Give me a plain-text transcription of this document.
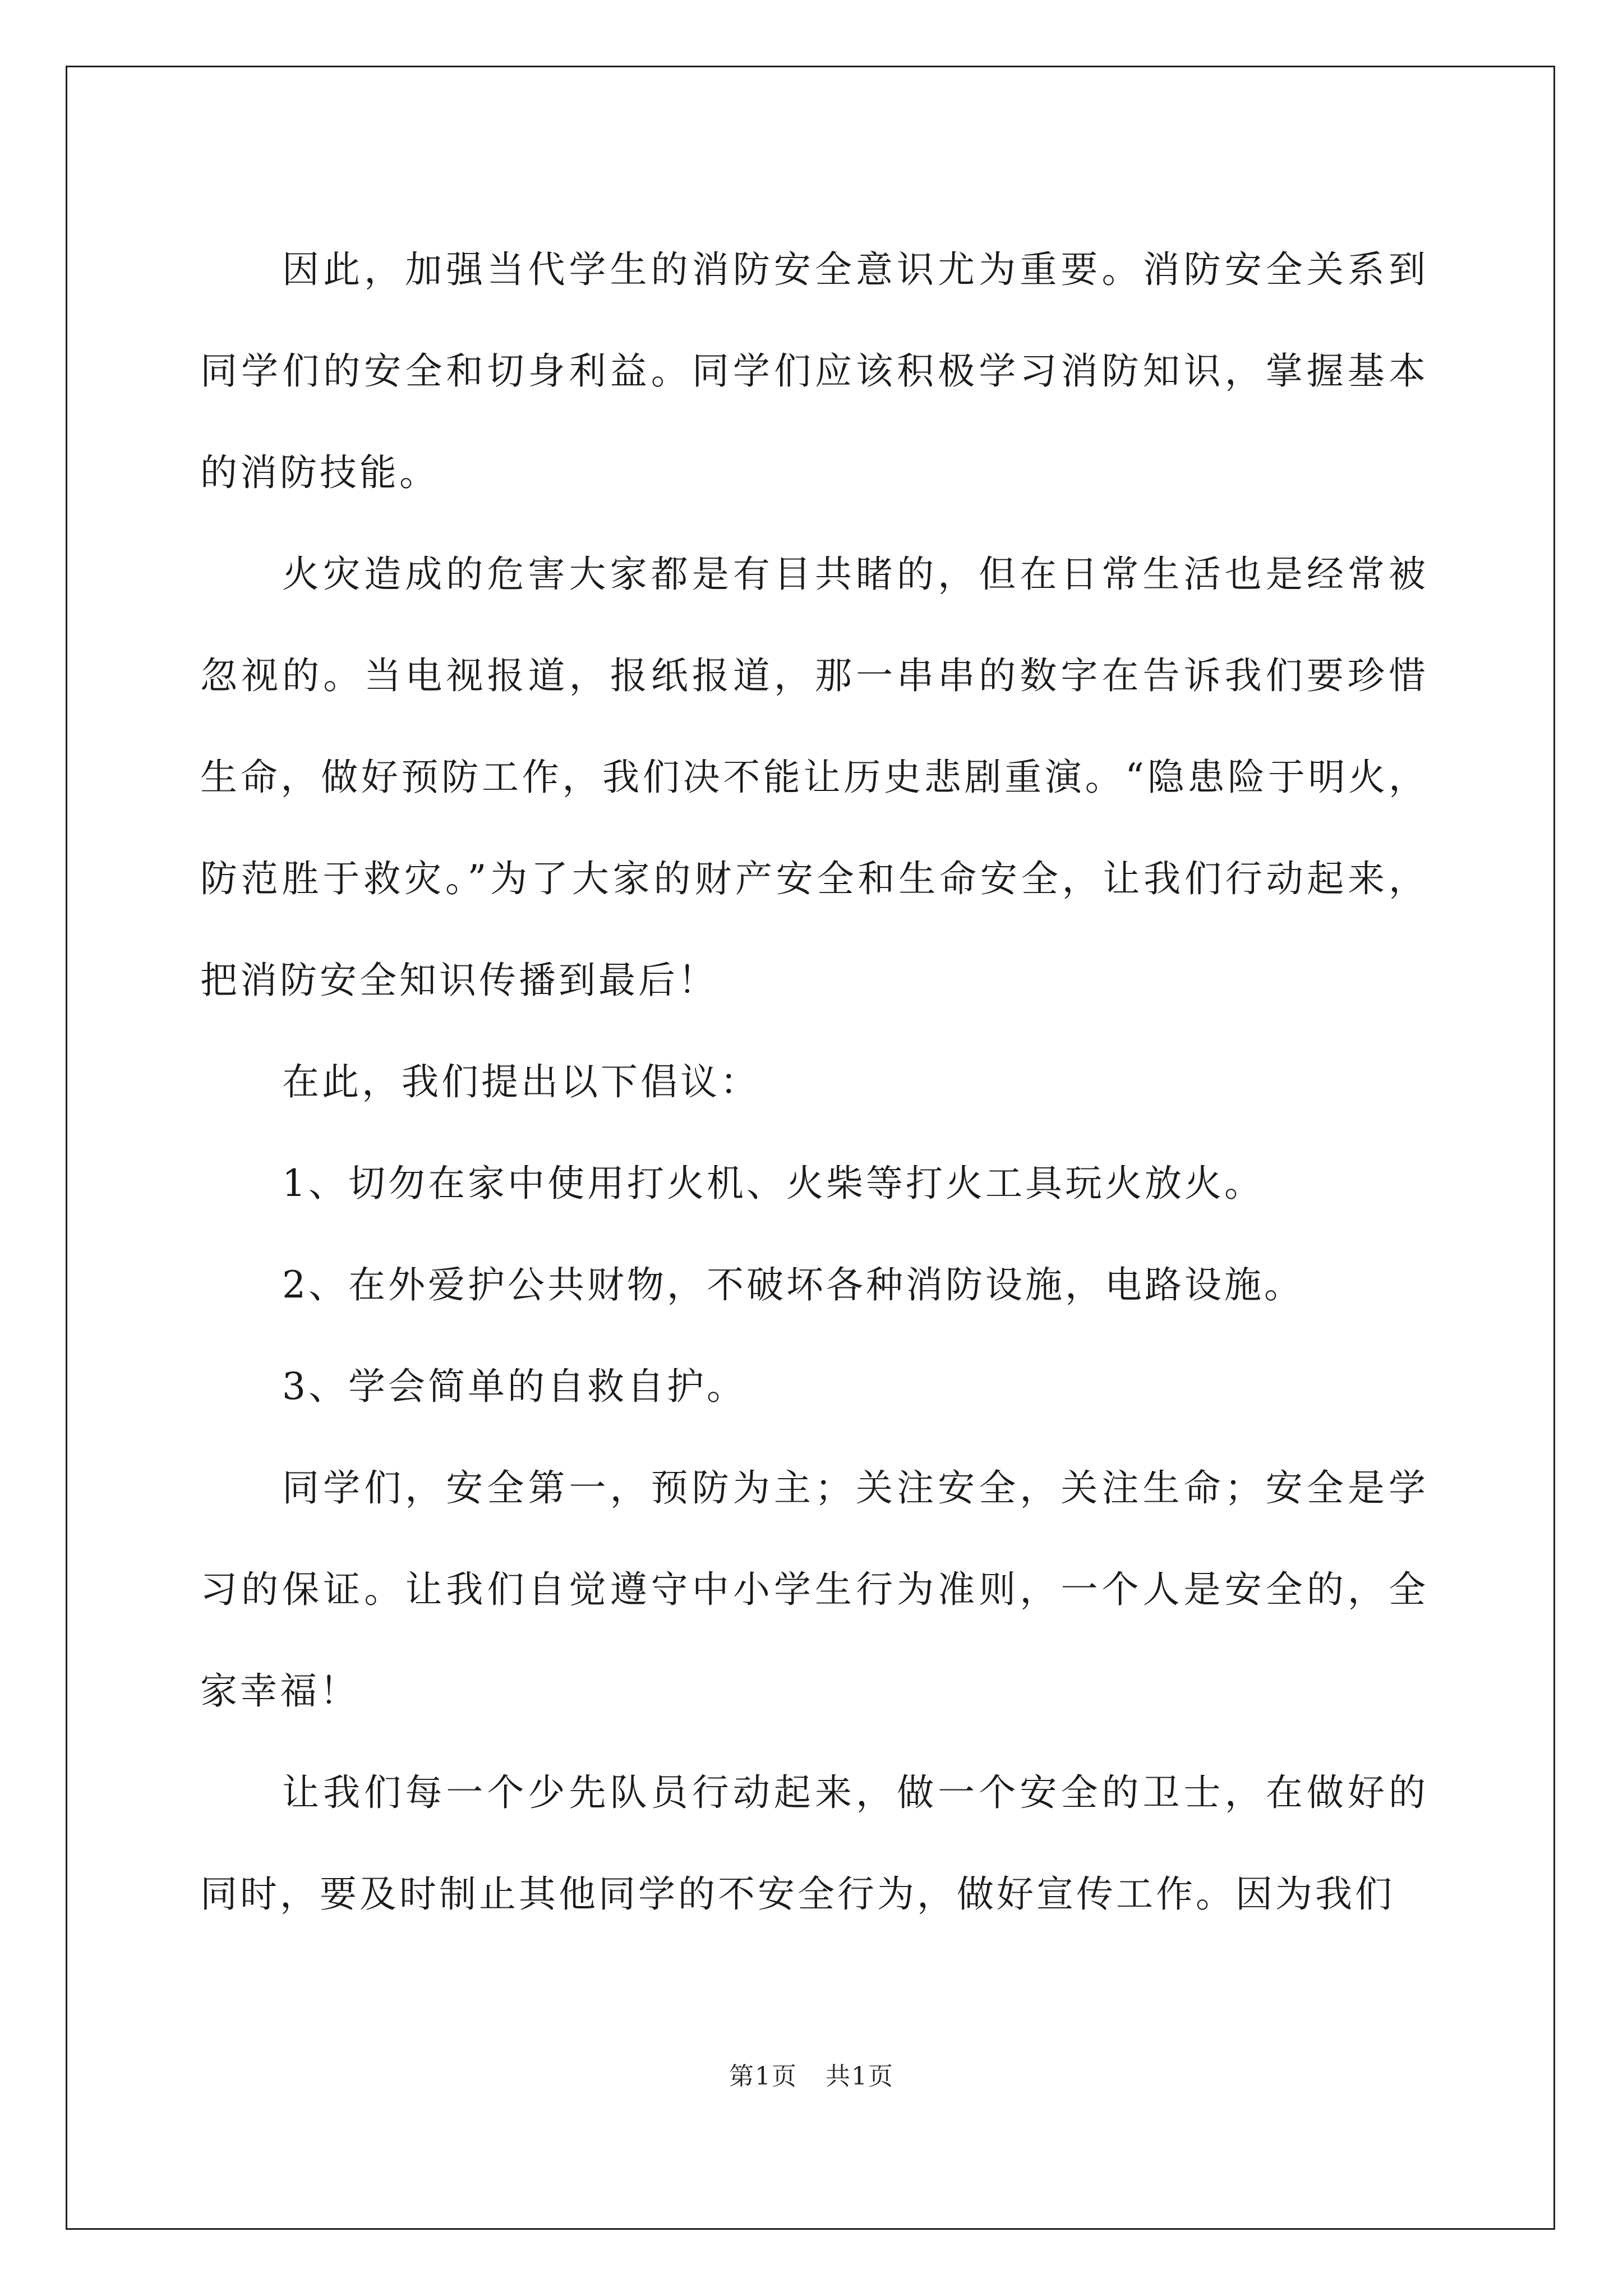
因此，加强当代学生的消防安全意识尤为重要。消防安全关系到同学们的安全和切身利益。同学们应该积极学习消防知识，掌握基本的消防技能。

火灾造成的危害大家都是有目共睹的，但在日常生活也是经常被忽视的。当电视报道，报纸报道，那一串串的数字在告诉我们要珍惜生命，做好预防工作，我们决不能让历史悲剧重演。“隐患险于明火，防范胜于救灾。”为了大家的财产安全和生命安全，让我们行动起来，把消防安全知识传播到最后！

在此，我们提出以下倡议：

1、切勿在家中使用打火机、火柴等打火工具玩火放火。

2、在外爱护公共财物，不破坏各种消防设施，电路设施。

3、学会简单的自救自护。

同学们，安全第一，预防为主；关注安全，关注生命；安全是学习的保证。让我们自觉遵守中小学生行为准则，一个人是安全的，全家幸福！

让我们每一个少先队员行动起来，做一个安全的卫士，在做好的同时，要及时制止其他同学的不安全行为，做好宣传工作。因为我们

第1页 共1页
